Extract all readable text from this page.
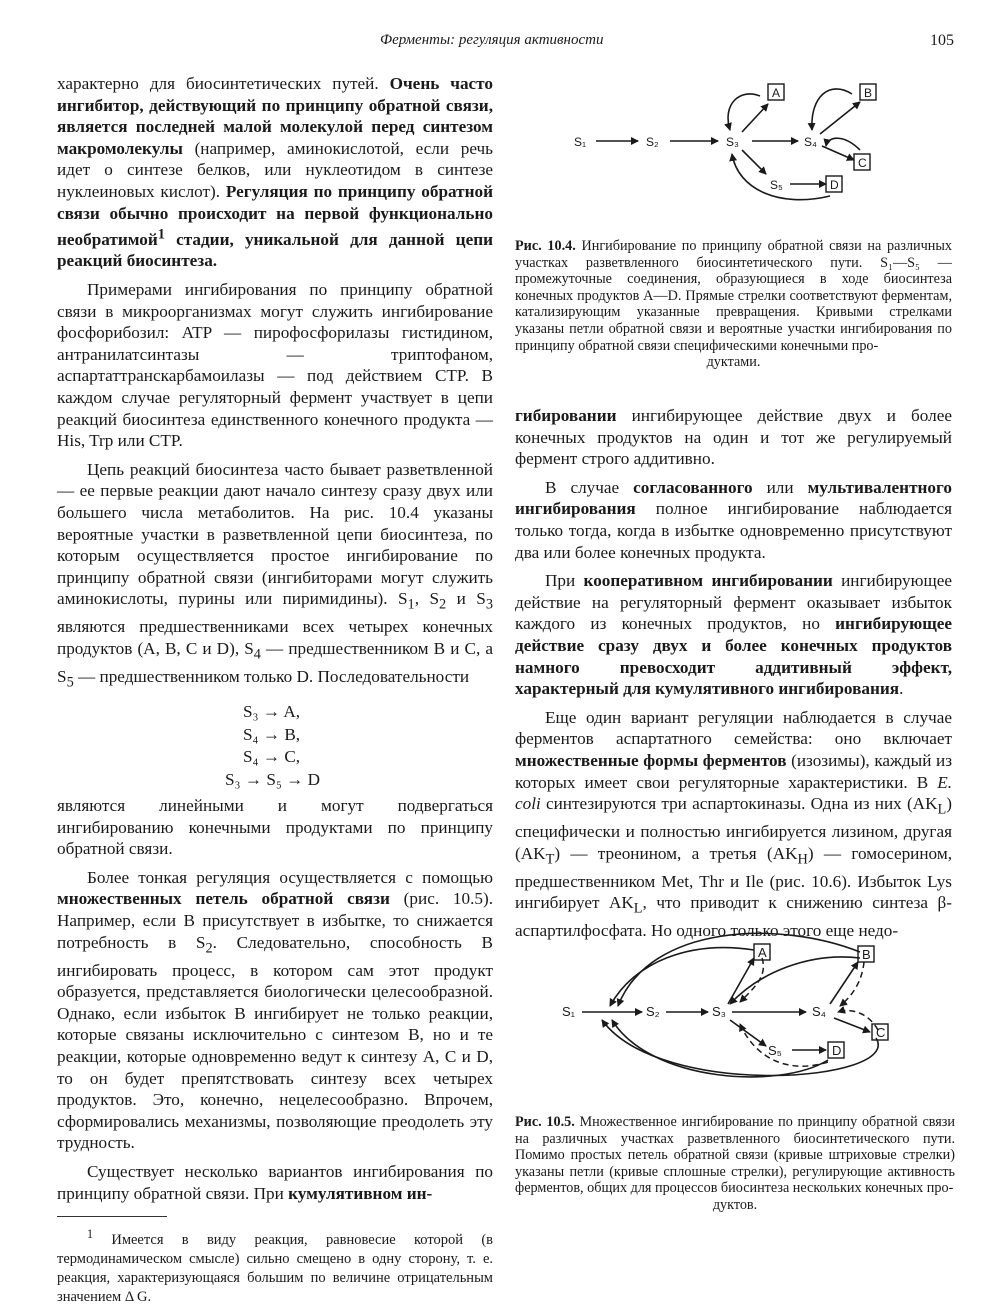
Ферменты: регуляция активности	105

характерно для биосинтетических путей. Очень часто ингибитор, действующий по принципу обратной связи, является последней малой молекулой перед синтезом макромолекулы (например, аминокислотой, если речь идет о синтезе белков, или нуклеотидом в синтезе нуклеиновых кислот). Регуляция по принципу обратной связи обычно происходит на первой функционально необратимой$^1$ стадии, уникальной для данной цепи реакций биосинтеза.

Примерами ингибирования по принципу обратной связи в микроорганизмах могут служить ингибирование фосфорибозил: ATP — пирофосфорилазы гистидином, антранилатсинтазы — триптофаном, аспартаттранскарбамоилазы — под действием CTP. В каждом случае регуляторный фермент участвует в цепи реакций биосинтеза единственного конечного продукта — His, Trp или CTP.

Цепь реакций биосинтеза часто бывает разветвленной — ее первые реакции дают начало синтезу сразу двух или большего числа метаболитов. На рис. 10.4 указаны вероятные участки в разветвленной цепи биосинтеза, по которым осуществляется простое ингибирование по принципу обратной связи (ингибиторами могут служить аминокислоты, пурины или пиримидины). $S_1$, $S_2$ и $S_3$ являются предшественниками всех четырех конечных продуктов (A, B, C и D), $S_4$ — предшественником B и C, а $S_5$ — предшественником только D. Последовательности

S₃ → A,
S₄ → B,
S₄ → C,
S₃ → S₅ → D

являются линейными и могут подвергаться ингибированию конечными продуктами по принципу обратной связи.

Более тонкая регуляция осуществляется с помощью множественных петель обратной связи (рис. 10.5). Например, если B присутствует в избытке, то снижается потребность в $S_2$. Следовательно, способность B ингибировать процесс, в котором сам этот продукт образуется, представляется биологически целесообразной. Однако, если избыток B ингибирует не только реакции, которые связаны исключительно с синтезом B, но и те реакции, которые одновременно ведут к синтезу A, C и D, то он будет препятствовать синтезу всех четырех продуктов. Это, конечно, нецелесообразно. Впрочем, сформировались механизмы, позволяющие преодолеть эту трудность.

Существует несколько вариантов ингибирования по принципу обратной связи. При кумулятивном ин-

$^1$ Имеется в виду реакция, равновесие которой (в термодинамическом смысле) сильно смещено в одну сторону, т. е. реакция, характеризующаяся большим по величине отрицательным значением Δ G.
S₁	S₂	S₃	S₄
S₅
A	B
C
D
Рис. 10.4. Ингибирование по принципу обратной связи на различных участках разветвленного биосинтетического пути. S₁—S₅ — промежуточные соединения, образующиеся в ходе биосинтеза конечных продуктов A—D. Прямые стрелки соответствуют ферментам, катализирующим указанные превращения. Кривыми стрелками указаны петли обратной связи и вероятные участки ингибирования по принципу обратной связи специфическими конечными про-
дуктами.

гибировании ингибирующее действие двух и более конечных продуктов на один и тот же регулируемый фермент строго аддитивно.

В случае согласованного или мультивалентного ингибирования полное ингибирование наблюдается только тогда, когда в избытке одновременно присутствуют два или более конечных продукта.

При кооперативном ингибировании ингибирующее действие на регуляторный фермент оказывает избыток каждого из конечных продуктов, но ингибирующее действие сразу двух и более конечных продуктов намного превосходит аддитивный эффект, характерный для кумулятивного ингибирования.

Еще один вариант регуляции наблюдается в случае ферментов аспартатного семейства: оно включает множественные формы ферментов (изозимы), каждый из которых имеет свои регуляторные характеристики. В E. coli синтезируются три аспартокиназы. Одна из них $(AK_L)$ специфически и полностью ингибируется лизином, другая $(AK_T)$ — треонином, а третья $(AK_H)$ — гомосерином, предшественником Met, Thr и Ile (рис. 10.6). Избыток Lys ингибирует $AK_L$, что приводит к снижению синтеза β-аспартилфосфата. Но одного только этого еще недо-

S₁	S₂	S₃	S₄
S₅
A	B
C
D
Рис. 10.5. Множественное ингибирование по принципу обратной связи на различных участках разветвленного биосинтетического пути. Помимо простых петель обратной связи (кривые штриховые стрелки) указаны петли (кривые сплошные стрелки), регулирующие активность ферментов, общих для процессов биосинтеза нескольких конечных про-
дуктов.
